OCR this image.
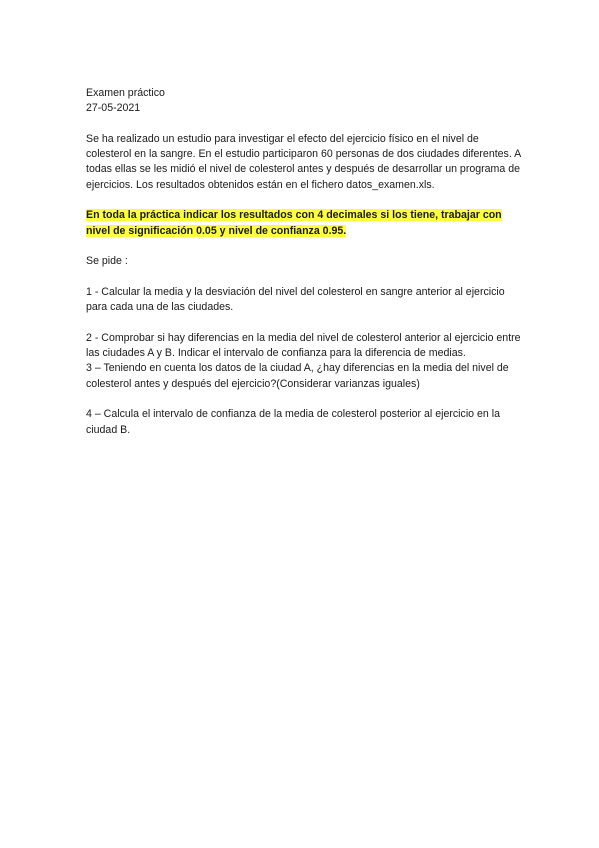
Examen práctico

27-05-2021

Se ha realizado un estudio para investigar el efecto del ejercicio físico en el nivel de colesterol en la sangre. En el estudio participaron 60 personas de dos ciudades diferentes. A todas ellas se les midió el nivel de colesterol antes y después de desarrollar un programa de ejercicios. Los resultados obtenidos están en el fichero datos_examen.xls.

En toda la práctica indicar los resultados con 4 decimales si los tiene, trabajar con nivel de significación 0.05 y nivel de confianza 0.95.

Se pide :

1 - Calcular la media y la desviación del nivel del colesterol en sangre anterior al ejercicio para cada una de las ciudades.

2 - Comprobar si hay diferencias en la media del nivel de colesterol anterior al ejercicio entre las ciudades A y B. Indicar el intervalo de confianza para la diferencia de medias.

3 – Teniendo en cuenta los datos de la ciudad A, ¿hay diferencias en la media del nivel de colesterol antes y después del ejercicio?(Considerar varianzas iguales)

4 – Calcula el intervalo de confianza de la media de colesterol posterior al ejercicio en la ciudad B.
